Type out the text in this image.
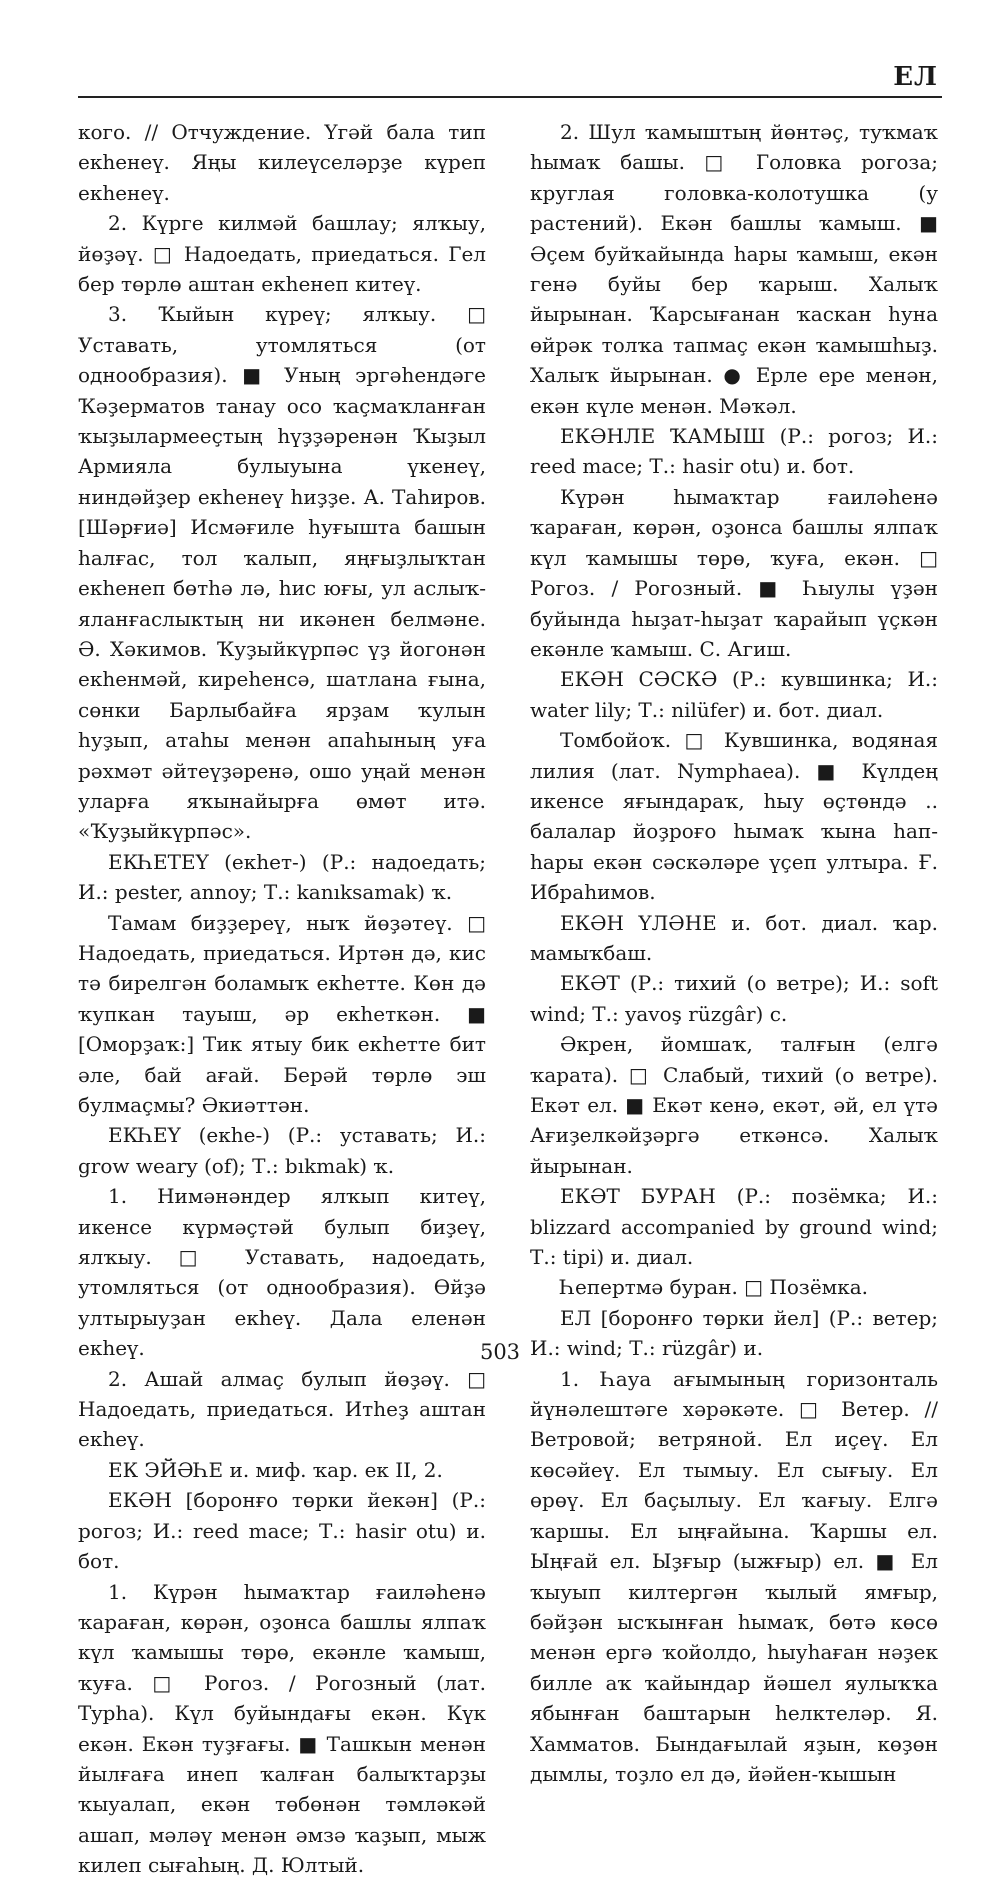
ЕЛ

кого. // Отчуждение. Үгәй бала тип екһенеү. Яңы килеүселәрҙе күреп екһенеү.

2. Күрге килмәй башлау; ялҡыу, йөҙәү. □ Надоедать, приедаться. Гел бер төрлө аштан екһенеп китеү.

3. Ҡыйын күреү; ялҡыу. □ Уставать, утомляться (от однообразия). ■ Уның эргәһендәге Ҡәҙерматов танау осо ҡаҫмаҡланған ҡыҙылармееҫтың һүҙҙәренән Ҡыҙыл Армияла булыуына үкенеү, ниндәйҙер екһенеү һиҙҙе. А. Таһиров. [Шәрғиә] Исмәғиле һуғышта башын һалғас, тол ҡалып, яңғыҙлыҡтан екһенеп бөтһә лә, һис юғы, ул аслыҡ-яланғаслыктың ни икәнен белмәне. Ә. Хәкимов. Ҡуҙыйкүрпәс үҙ йогонән екһенмәй, киреһенсә, шатлана ғына, сөнки Барлыбайға ярҙам ҡулын һуҙып, атаһы менән апаһының уға рәхмәт әйтеүҙәренә, ошо уңай менән уларға яҡынайырға өмөт итә. «Ҡуҙыйкүрпәс».

ЕКҺЕТЕҮ (екһет-) (Р.: надоедать; И.: pester, annoy; Т.: kanıksamak) ҡ.

Тамам биҙҙереү, ныҡ йөҙәтеү. □ Надоедать, приедаться. Иртән дә, кис тә бирелгән боламыҡ екһетте. Көн дә ҡупкан тауыш, әр екһеткән. ■ [Оморҙаҡ:] Тик ятыу бик екһетте бит әле, бай ағай. Берәй төрлө эш булмаҫмы? Әкиәттән.

ЕКҺЕҮ (екһе-) (Р.: уставать; И.: grow weary (of); Т.: bıkmak) ҡ.

1. Нимәнәндер ялҡып китеү, икенсе күрмәҫтәй булып биҙеү, ялҡыу. □ Уставать, надоедать, утомляться (от однообразия). Өйҙә ултырыуҙан екһеү. Дала еленән екһеү.

2. Ашай алмаҫ булып йөҙәү. □ Надоедать, приедаться. Итһеҙ аштан екһеү.

ЕК ЭЙӘҺЕ и. миф. ҡар. ек II, 2.

ЕКӘН [боронғо төрки йекән] (Р.: рогоз; И.: reed mace; Т.: hasir otu) и. бот.

1. Күрән һымаҡтар ғаиләһенә ҡараған, көрән, оҙонса башлы ялпаҡ күл ҡамышы төрө, екәнле ҡамыш, ҡуға. □ Рогоз. / Рогозный (лат. Typha). Күл буйындағы екән. Күк екән. Екән туҙғағы. ■ Ташкын менән йылғаға инеп ҡалған балыҡтарҙы ҡыуалап, екән төбөнән тәмләкәй ашап, мәләү менән әмзә ҡаҙып, мыж килеп сығаһың. Д. Юлтый.

2. Шул ҡамыштың йөнтәҫ, туҡмаҡ һымаҡ башы. □ Головка рогоза; круглая головка-колотушка (у растений). Екән башлы ҡамыш. ■ Әҫем буйҡайында һары ҡамыш, екән генә буйы бер ҡарыш. Халыҡ йырынан. Ҡарсығанан ҡаскан һуна өйрәк толҡа тапмаҫ екән ҡамышһыҙ. Халыҡ йырынан. ● Ерле ере менән, екән күле менән. Мәҡәл.

ЕКӘНЛЕ ҠАМЫШ (Р.: рогоз; И.: reed mace; Т.: hasir otu) и. бот.

Күрән һымаҡтар ғаиләһенә ҡараған, көрән, оҙонса башлы ялпаҡ күл ҡамышы төрө, ҡуға, екән. □ Рогоз. / Рогозный. ■ Һыулы үҙән буйында һыҙат-һыҙат ҡарайып үҫкән екәнле ҡамыш. С. Агиш.

ЕКӘН СӘСКӘ (Р.: кувшинка; И.: water lily; Т.: nilüfer) и. бот. диал.

Томбойоҡ. □ Кувшинка, водяная лилия (лат. Nymphaea). ■ Күлдең икенсе яғындараҡ, һыу өҫтөндә .. балалар йоҙроғо һымаҡ ҡына һап-һары екән сәскәләре үҫеп ултыра. Ғ. Ибраһимов.

ЕКӘН ҮЛӘНЕ и. бот. диал. ҡар. мамыҡбаш.

ЕКӘТ (Р.: тихий (о ветре); И.: soft wind; Т.: yavoş rüzgâr) с.

Әкрен, йомшаҡ, талғын (елгә ҡарата). □ Слабый, тихий (о ветре). Екәт ел. ■ Екәт кенә, екәт, әй, ел үтә Ағиҙелкәйҙәргә еткәнсә. Халыҡ йырынан.

ЕКӘТ БУРАН (Р.: позёмка; И.: blizzard accompanied by ground wind; Т.: tipi) и. диал.

Һепертмә буран. □ Позёмка.

ЕЛ [боронғо төрки йел] (Р.: ветер; И.: wind; Т.: rüzgâr) и.

1. Һауа ағымының горизонталь йүнәлештәге хәрәкәте. □ Ветер. // Ветровой; ветряной. Ел иҫеү. Ел көсәйеү. Ел тымыу. Ел сығыу. Ел өрөү. Ел баҫылыу. Ел ҡағыу. Елгә ҡаршы. Ел ыңғайына. Ҡаршы ел. Ыңғай ел. Ыҙғыр (ыжғыр) ел. ■ Ел ҡыуып килтергән ҡылый ямғыр, бәйҙән ысҡынған һымаҡ, бөтә көсө менән ергә ҡойолдо, һыуһаған нәҙек билле аҡ ҡайындар йәшел яулыҡҡа ябынған баштарын һелктеләр. Я. Хамматов. Бындағылай яҙын, көҙөн дымлы, тоҙло ел дә, йәйен-ҡышын

503
